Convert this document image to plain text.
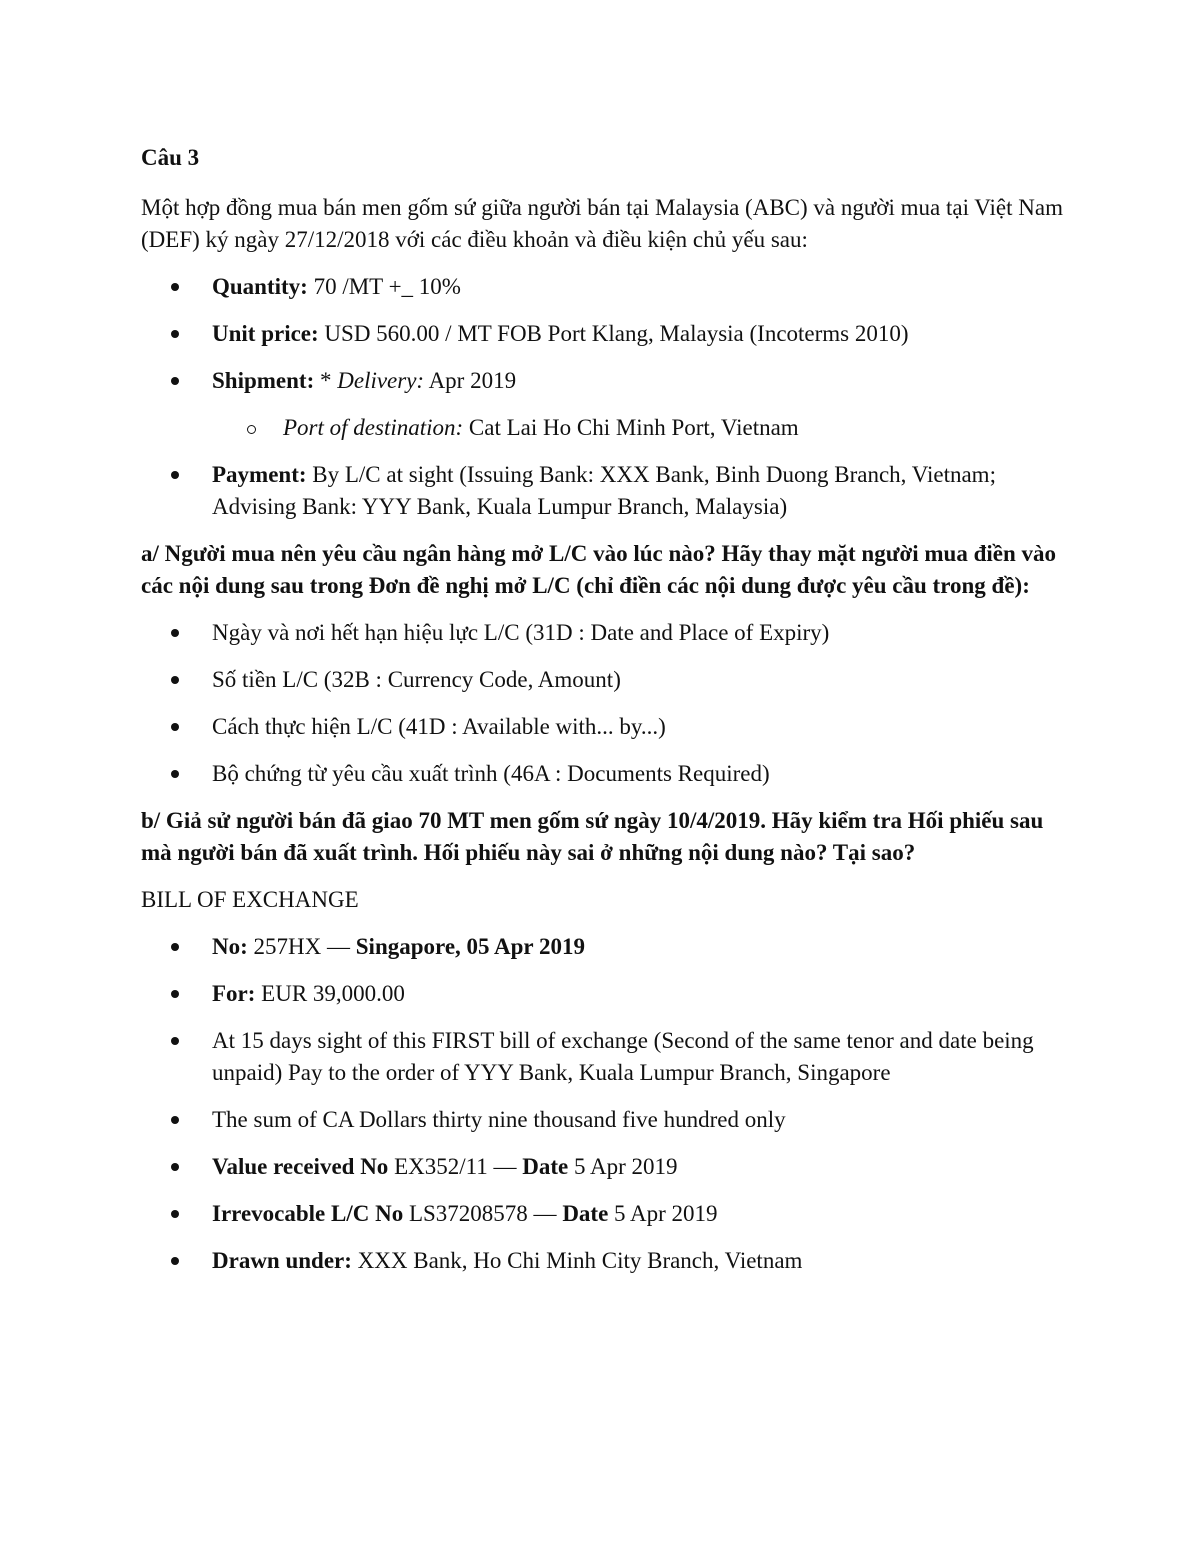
Câu 3

Một hợp đồng mua bán men gốm sứ giữa người bán tại Malaysia (ABC) và người mua tại Việt Nam (DEF) ký ngày 27/12/2018 với các điều khoản và điều kiện chủ yếu sau:

Quantity: 70 /MT +_ 10%
Unit price: USD 560.00 / MT FOB Port Klang, Malaysia (Incoterms 2010)
Shipment: * Delivery: Apr 2019
Port of destination: Cat Lai Ho Chi Minh Port, Vietnam
Payment: By L/C at sight (Issuing Bank: XXX Bank, Binh Duong Branch, Vietnam; Advising Bank: YYY Bank, Kuala Lumpur Branch, Malaysia)

a/ Người mua nên yêu cầu ngân hàng mở L/C vào lúc nào? Hãy thay mặt người mua điền vào các nội dung sau trong Đơn đề nghị mở L/C (chỉ điền các nội dung được yêu cầu trong đề):

Ngày và nơi hết hạn hiệu lực L/C (31D : Date and Place of Expiry)
Số tiền L/C (32B : Currency Code, Amount)
Cách thực hiện L/C (41D : Available with... by...)
Bộ chứng từ yêu cầu xuất trình (46A : Documents Required)

b/ Giả sử người bán đã giao 70 MT men gốm sứ ngày 10/4/2019. Hãy kiểm tra Hối phiếu sau mà người bán đã xuất trình. Hối phiếu này sai ở những nội dung nào? Tại sao?

BILL OF EXCHANGE

No: 257HX — Singapore, 05 Apr 2019
For: EUR 39,000.00
At 15 days sight of this FIRST bill of exchange (Second of the same tenor and date being unpaid) Pay to the order of YYY Bank, Kuala Lumpur Branch, Singapore
The sum of CA Dollars thirty nine thousand five hundred only
Value received No EX352/11 — Date 5 Apr 2019
Irrevocable L/C No LS37208578 — Date 5 Apr 2019
Drawn under: XXX Bank, Ho Chi Minh City Branch, Vietnam
